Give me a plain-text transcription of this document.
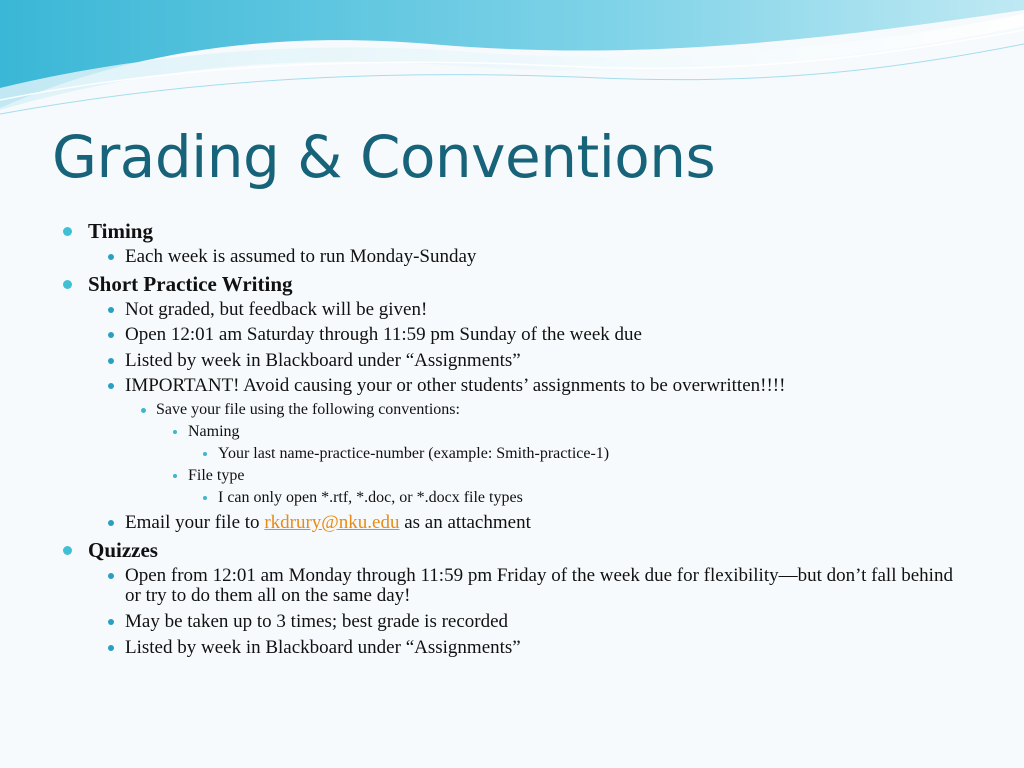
Grading & Conventions
Timing
Each week is assumed to run Monday-Sunday
Short Practice Writing
Not graded, but feedback will be given!
Open 12:01 am Saturday through 11:59 pm Sunday of the week due
Listed by week in Blackboard under “Assignments”
IMPORTANT! Avoid causing your or other students’ assignments to be overwritten!!!!
Save your file using the following conventions:
Naming
Your last name-practice-number (example: Smith-practice-1)
File type
I can only open *.rtf, *.doc, or *.docx file types
Email your file to rkdrury@nku.edu as an attachment
Quizzes
Open from 12:01 am Monday through 11:59 pm Friday of the week due for flexibility—but don’t fall behind or try to do them all on the same day!
May be taken up to 3 times; best grade is recorded
Listed by week in Blackboard under “Assignments”
